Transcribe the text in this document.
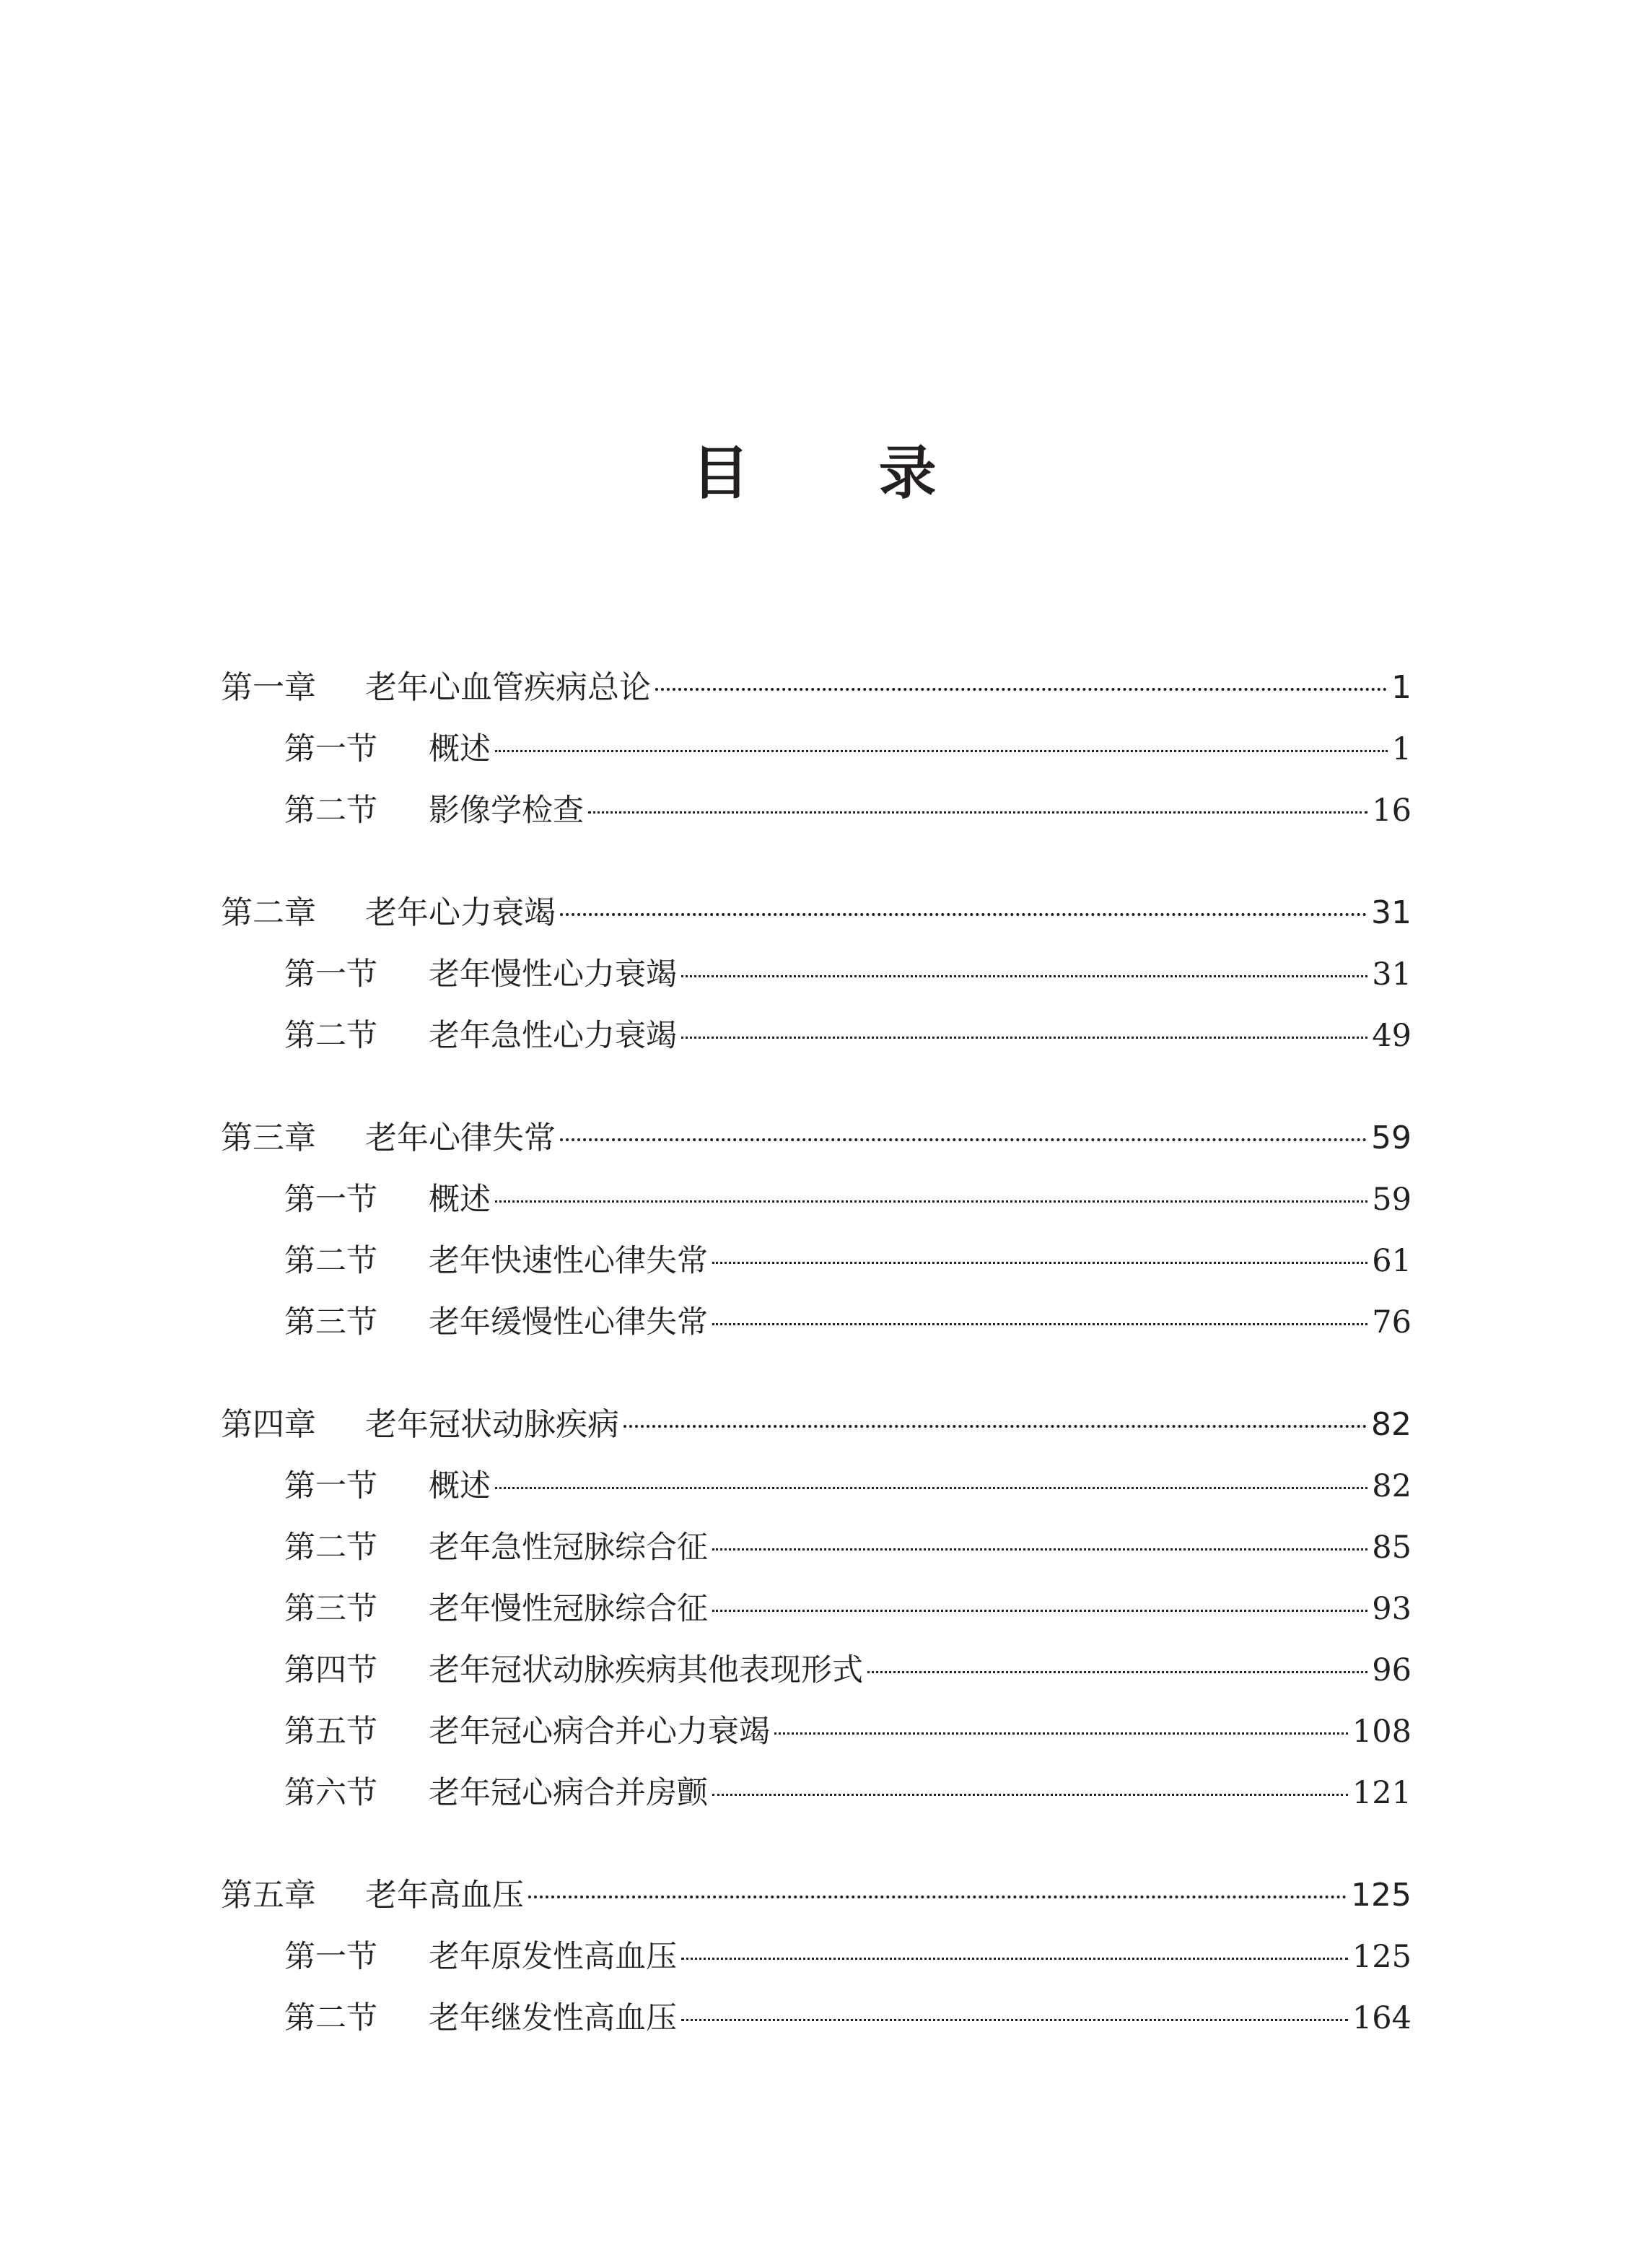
目　录
第一章	老年心血管疾病总论	1
第一节	概述	1
第二节	影像学检查	16
第二章	老年心力衰竭	31
第一节	老年慢性心力衰竭	31
第二节	老年急性心力衰竭	49
第三章	老年心律失常	59
第一节	概述	59
第二节	老年快速性心律失常	61
第三节	老年缓慢性心律失常	76
第四章	老年冠状动脉疾病	82
第一节	概述	82
第二节	老年急性冠脉综合征	85
第三节	老年慢性冠脉综合征	93
第四节	老年冠状动脉疾病其他表现形式	96
第五节	老年冠心病合并心力衰竭	108
第六节	老年冠心病合并房颤	121
第五章	老年高血压	125
第一节	老年原发性高血压	125
第二节	老年继发性高血压	164
